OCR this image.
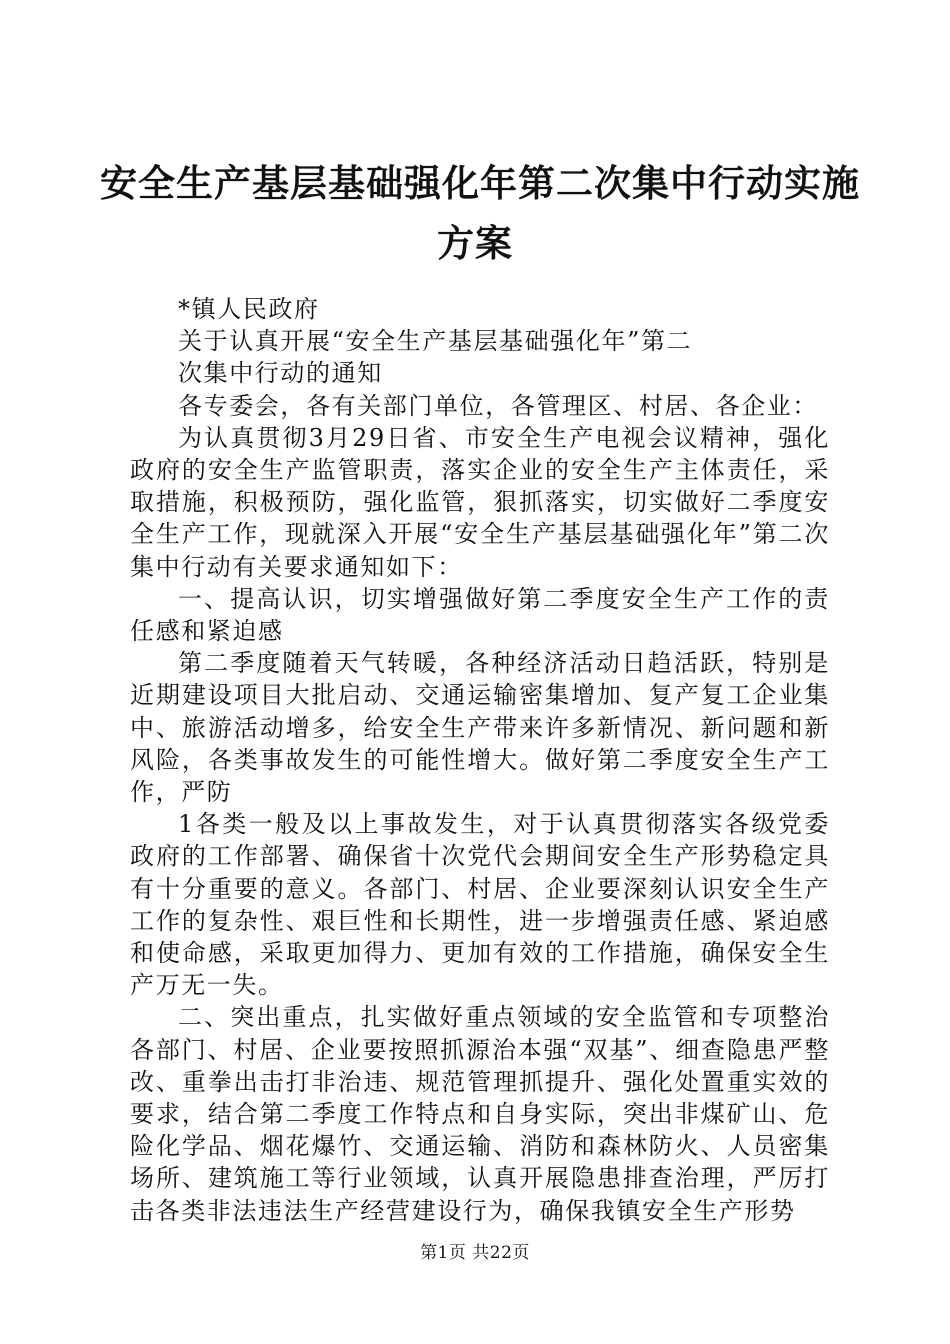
安全生产基层基础强化年第二次集中行动实施
方案

*镇人民政府

关于认真开展“安全生产基层基础强化年”第二

次集中行动的通知

各专委会，各有关部门单位，各管理区、村居、各企业：

为认真贯彻3月29日省、市安全生产电视会议精神，强化政府的安全生产监管职责，落实企业的安全生产主体责任，采取措施，积极预防，强化监管，狠抓落实，切实做好二季度安全生产工作，现就深入开展“安全生产基层基础强化年”第二次集中行动有关要求通知如下：

一、提高认识，切实增强做好第二季度安全生产工作的责任感和紧迫感

第二季度随着天气转暖，各种经济活动日趋活跃，特别是近期建设项目大批启动、交通运输密集增加、复产复工企业集中、旅游活动增多，给安全生产带来许多新情况、新问题和新风险，各类事故发生的可能性增大。做好第二季度安全生产工作，严防

1各类一般及以上事故发生，对于认真贯彻落实各级党委政府的工作部署、确保省十次党代会期间安全生产形势稳定具有十分重要的意义。各部门、村居、企业要深刻认识安全生产工作的复杂性、艰巨性和长期性，进一步增强责任感、紧迫感和使命感，采取更加得力、更加有效的工作措施，确保安全生产万无一失。

二、突出重点，扎实做好重点领域的安全监管和专项整治各部门、村居、企业要按照抓源治本强“双基”、细查隐患严整改、重拳出击打非治违、规范管理抓提升、强化处置重实效的要求，结合第二季度工作特点和自身实际，突出非煤矿山、危险化学品、烟花爆竹、交通运输、消防和森林防火、人员密集场所、建筑施工等行业领域，认真开展隐患排查治理，严厉打击各类非法违法生产经营建设行为，确保我镇安全生产形势

第1页 共22页
